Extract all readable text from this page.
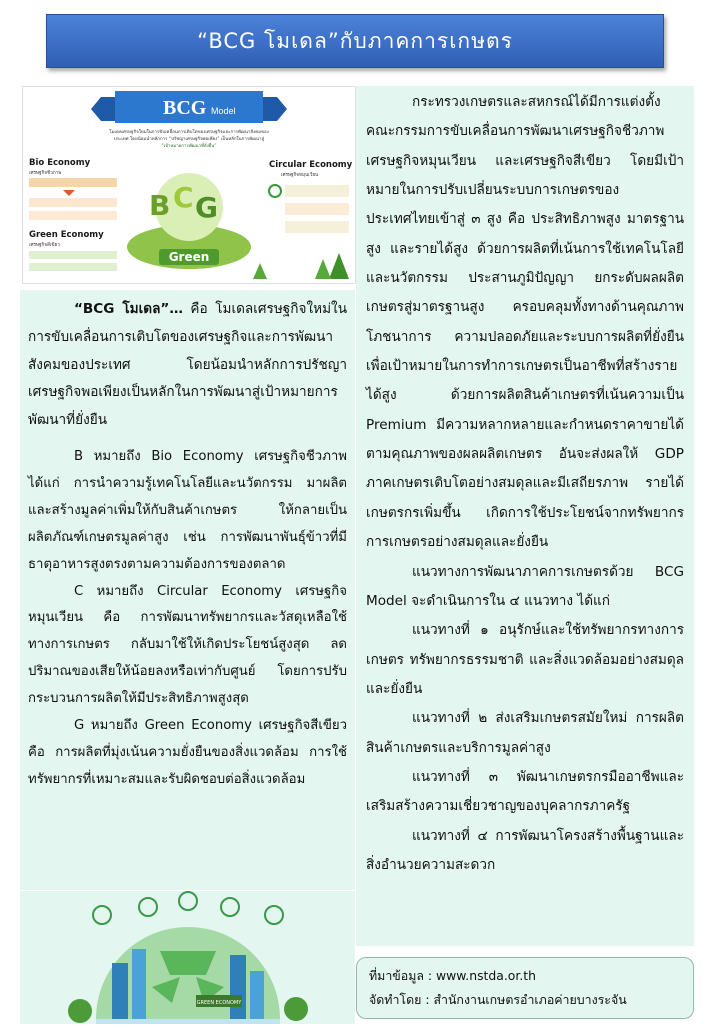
“BCG โมเดล”กับภาคการเกษตร
BCG Model
โมเดลเศรษฐกิจใหม่ในการขับเคลื่อนการเติบโตของเศรษฐกิจและการพัฒนาสังคมของ
ประเทศ โดยน้อมนำหลักการ “ปรัชญาเศรษฐกิจพอเพียง” เป็นหลักในการพัฒนาสู่
“เป้าหมายการพัฒนาที่ยั่งยืน”
Bio Economy
เศรษฐกิจชีวภาพ
Green Economy
เศรษฐกิจสีเขียว
Circular Economy
เศรษฐกิจหมุนเวียน
B C G
Green
“BCG โมเดล”… คือ โมเดลเศรษฐกิจใหม่ในการขับเคลื่อนการเติบโตของเศรษฐกิจและการพัฒนาสังคมของประเทศ โดยน้อมนำหลักการปรัชญาเศรษฐกิจพอเพียงเป็นหลักในการพัฒนาสู่เป้าหมายการพัฒนาที่ยั่งยืน

B หมายถึง Bio Economy เศรษฐกิจชีวภาพ ได้แก่ การนำความรู้เทคโนโลยีและนวัตกรรม มาผลิตและสร้างมูลค่าเพิ่มให้กับสินค้าเกษตร ให้กลายเป็นผลิตภัณฑ์เกษตรมูลค่าสูง เช่น การพัฒนาพันธุ์ข้าวที่มีธาตุอาหารสูงตรงตามความต้องการของตลาด

C หมายถึง Circular Economy เศรษฐกิจหมุนเวียน คือ การพัฒนาทรัพยากรและวัสดุเหลือใช้ทางการเกษตร กลับมาใช้ให้เกิดประโยชน์สูงสุด ลดปริมาณของเสียให้น้อยลงหรือเท่ากับศูนย์ โดยการปรับกระบวนการผลิตให้มีประสิทธิภาพสูงสุด

G หมายถึง Green Economy เศรษฐกิจสีเขียว คือ การผลิตที่มุ่งเน้นความยั่งยืนของสิ่งแวดล้อม การใช้ทรัพยากรที่เหมาะสมและรับผิดชอบต่อสิ่งแวดล้อม

GREEN ECONOMY

กระทรวงเกษตรและสหกรณ์ได้มีการแต่งตั้ง คณะกรรมการขับเคลื่อนการพัฒนาเศรษฐกิจชีวภาพ เศรษฐกิจหมุนเวียน และเศรษฐกิจสีเขียว โดยมีเป้าหมายในการปรับเปลี่ยนระบบการเกษตรของประเทศไทยเข้าสู่ ๓ สูง คือ ประสิทธิภาพสูง มาตรฐานสูง และรายได้สูง ด้วยการผลิตที่เน้นการใช้เทคโนโลยีและนวัตกรรม ประสานภูมิปัญญา ยกระดับผลผลิตเกษตรสู่มาตรฐานสูง ครอบคลุมทั้งทางด้านคุณภาพโภชนาการ ความปลอดภัยและระบบการผลิตที่ยั่งยืน เพื่อเป้าหมายในการทำการเกษตรเป็นอาชีพที่สร้างรายได้สูง ด้วยการผลิตสินค้าเกษตรที่เน้นความเป็น Premium มีความหลากหลายและกำหนดราคาขายได้ตามคุณภาพของผลผลิตเกษตร อันจะส่งผลให้ GDP ภาคเกษตรเติบโตอย่างสมดุลและมีเสถียรภาพ รายได้เกษตรกรเพิ่มขึ้น เกิดการใช้ประโยชน์จากทรัพยากรการเกษตรอย่างสมดุลและยั่งยืน

แนวทางการพัฒนาภาคการเกษตรด้วย BCG Model จะดำเนินการใน ๔ แนวทาง ได้แก่

แนวทางที่ ๑ อนุรักษ์และใช้ทรัพยากรทางการเกษตร ทรัพยากรธรรมชาติ และสิ่งแวดล้อมอย่างสมดุลและยั่งยืน

แนวทางที่ ๒ ส่งเสริมเกษตรสมัยใหม่ การผลิตสินค้าเกษตรและบริการมูลค่าสูง

แนวทางที่ ๓ พัฒนาเกษตรกรมืออาชีพและเสริมสร้างความเชี่ยวชาญของบุคลากรภาครัฐ

แนวทางที่ ๔ การพัฒนาโครงสร้างพื้นฐานและสิ่งอำนวยความสะดวก

ที่มาข้อมูล : www.nstda.or.th
จัดทำโดย : สำนักงานเกษตรอำเภอค่ายบางระจัน
